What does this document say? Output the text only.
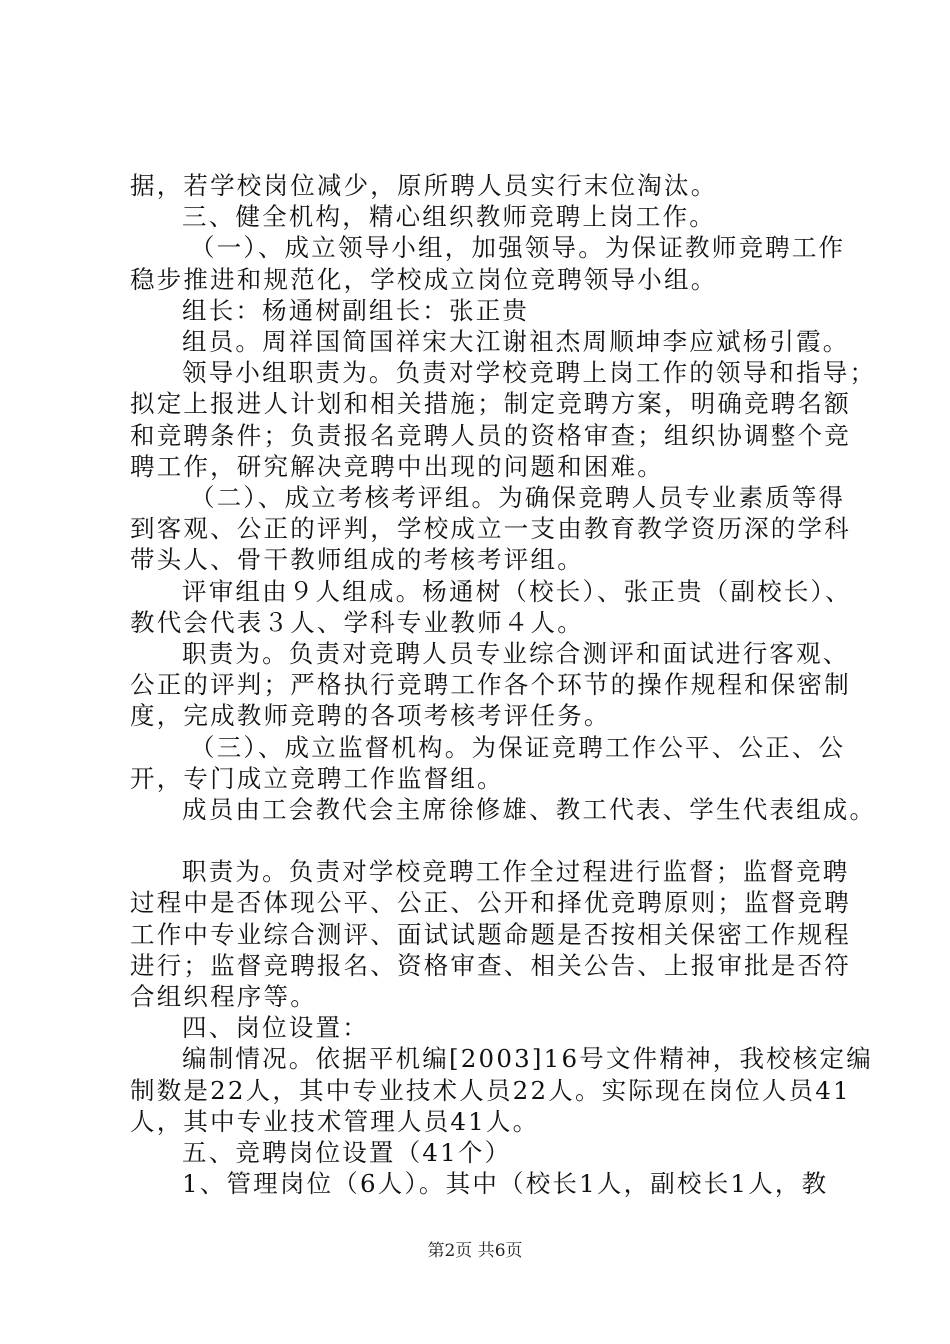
据，若学校岗位减少，原所聘人员实行末位淘汰。

三、健全机构，精心组织教师竞聘上岗工作。

（一）、成立领导小组，加强领导。为保证教师竞聘工作

稳步推进和规范化，学校成立岗位竞聘领导小组。

组长：杨通树副组长：张正贵

组员。周祥国简国祥宋大江谢祖杰周顺坤李应斌杨引霞。

领导小组职责为。负责对学校竞聘上岗工作的领导和指导；

拟定上报进人计划和相关措施；制定竞聘方案，明确竞聘名额

和竞聘条件；负责报名竞聘人员的资格审查；组织协调整个竞

聘工作，研究解决竞聘中出现的问题和困难。

（二）、成立考核考评组。为确保竞聘人员专业素质等得

到客观、公正的评判，学校成立一支由教育教学资历深的学科

带头人、骨干教师组成的考核考评组。

评审组由９人组成。杨通树（校长）、张正贵（副校长）、

教代会代表３人、学科专业教师４人。

职责为。负责对竞聘人员专业综合测评和面试进行客观、

公正的评判；严格执行竞聘工作各个环节的操作规程和保密制

度，完成教师竞聘的各项考核考评任务。

（三）、成立监督机构。为保证竞聘工作公平、公正、公

开，专门成立竞聘工作监督组。

成员由工会教代会主席徐修雄、教工代表、学生代表组成。

职责为。负责对学校竞聘工作全过程进行监督；监督竞聘

过程中是否体现公平、公正、公开和择优竞聘原则；监督竞聘

工作中专业综合测评、面试试题命题是否按相关保密工作规程

进行；监督竞聘报名、资格审查、相关公告、上报审批是否符

合组织程序等。

四、岗位设置：

编制情况。依据平机编[2003]16号文件精神，我校核定编

制数是22人，其中专业技术人员22人。实际现在岗位人员41

人，其中专业技术管理人员41人。

五、竞聘岗位设置（41个）

1、管理岗位（6人）。其中（校长1人，副校长1人，教

第2页 共6页
